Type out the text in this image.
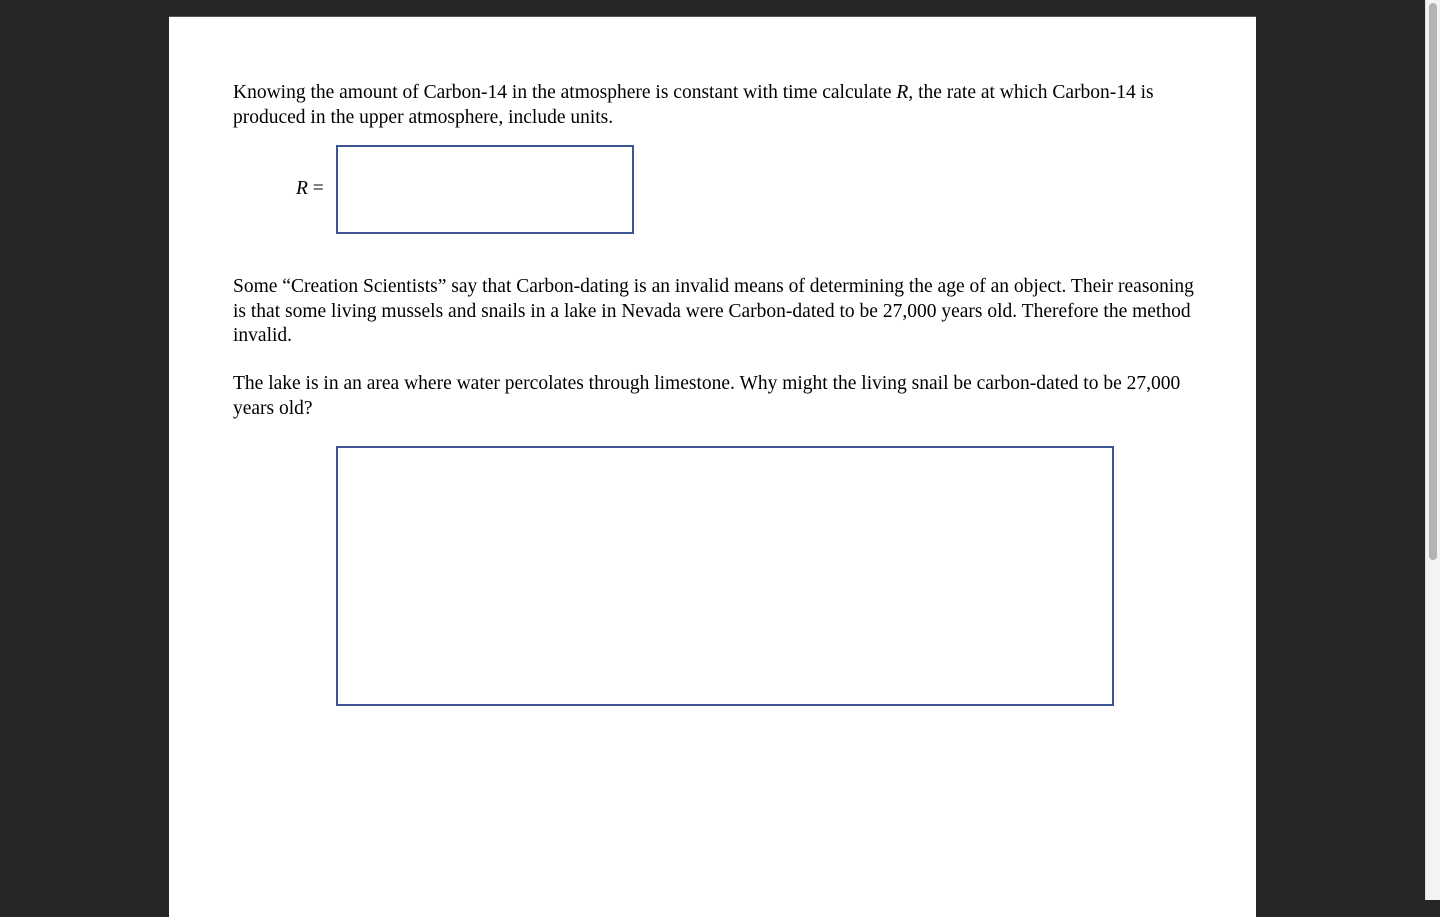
Knowing the amount of Carbon-14 in the atmosphere is constant with time calculate R, the rate at which Carbon-14 is produced in the upper atmosphere, include units.

R =

Some “Creation Scientists” say that Carbon-dating is an invalid means of determining the age of an object. Their reasoning is that some living mussels and snails in a lake in Nevada were Carbon-dated to be 27,000 years old. Therefore the method invalid.

The lake is in an area where water percolates through limestone. Why might the living snail be carbon-dated to be 27,000 years old?
